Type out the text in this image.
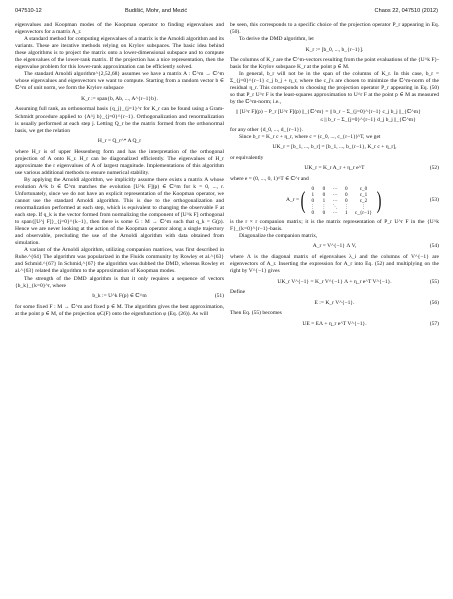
047510-12	Budišić, Mohr, and Mezić	Chaos 22, 047510 (2012)

eigenvalues and Koopman modes of the Koopman operator to finding eigenvalues and eigenvectors for a matrix A_r.

A standard method for computing eigenvalues of a matrix is the Arnoldi algorithm and its variants. These are iterative methods relying on Krylov subspaces. The basic idea behind these algorithms is to project the matrix onto a lower-dimensional subspace and to compute the eigenvalues of the lower-rank matrix. If the projection has a nice representation, then the eigenvalue problem for this lower-rank approximation can be efficiently solved.

The standard Arnoldi algorithm^{2,52,68} assumes we have a matrix A : ℂ^m → ℂ^m whose eigenvalues and eigenvectors we want to compute. Starting from a random vector b ∈ ℂ^m of unit norm, we form the Krylov subspace

K_r := span{b, Ab, ..., A^{r−1}b}.

Assuming full rank, an orthonormal basis {q_j}_{j=1}^r for K_r can be found using a Gram-Schmidt procedure applied to {A^j b}_{j=0}^{r−1}. Orthogonalization and renormalization is usually performed at each step j. Letting Q_r be the matrix formed from the orthonormal basis, we get the relation

H_r = Q_r^* A Q_r

where H_r is of upper Hessenberg form and has the interpretation of the orthogonal projection of A onto K_r. H_r can be diagonalized efficiently. The eigenvalues of H_r approximate the r eigenvalues of A of largest magnitude. Implementations of this algorithm use various additional methods to ensure numerical stability.

By applying the Arnoldi algorithm, we implicitly assume there exists a matrix A whose evolution A^k b ∈ ℂ^m matches the evolution [U^k F](p) ∈ ℂ^m for k = 0, ..., r. Unfortunately, since we do not have an explicit representation of the Koopman operator, we cannot use the standard Arnoldi algorithm. This is due to the orthogonalization and renormalization performed at each step, which is equivalent to changing the observable F at each step. If q_k is the vector formed from normalizing the component of [U^k F] orthogonal to span{[U^j F]}_{j=0}^{k−1}, then there is some G : M → ℂ^m such that q_k = G(p). Hence we are never looking at the action of the Koopman operator along a single trajectory and observable, precluding the use of the Arnoldi algorithm with data obtained from simulation.

A variant of the Arnoldi algorithm, utilizing companion matrices, was first described in Ruhe.^{64} The algorithm was popularized in the Fluids community by Rowley et al.^{63} and Schmid.^{67} In Schmid,^{67} the algorithm was dubbed the DMD, whereas Rowley et al.^{63} related the algorithm to the approximation of Koopman modes.

The strength of the DMD algorithm is that it only requires a sequence of vectors {b_k}_{k=0}^r, where

b_k := U^k F(p) ∈ ℂ^m	(51)

for some fixed F : M → ℂ^m and fixed p ∈ M. The algorithm gives the best approximation, at the point p ∈ M, of the projection φC(F) onto the eigenfunction φ (Eq. (26)). As will

be seen, this corresponds to a specific choice of the projection operator P_r appearing in Eq. (50).

To derive the DMD algorithm, let

K_r := [b_0, ..., b_{r−1}].

The columns of K_r are the ℂ^m-vectors resulting from the point evaluations of the {U^k F}-basis for the Krylov subspace K_r at the point p ∈ M.

In general, b_r will not be in the span of the columns of K_r. In this case, b_r = Σ_{j=0}^{r−1} c_j b_j + η_r, where the c_j's are chosen to minimize the ℂ^m-norm of the residual η_r. This corresponds to choosing the projection operator P_r appearing in Eq. (50) so that P_r U^r F is the least-squares approximation to U^r F at the point p ∈ M as measured by the ℂ^m-norm; i.e.,

|| [U^r F](p) − P_r [U^r F](p) ||_{ℂ^m} = || b_r − Σ_{j=0}^{r−1} c_j b_j ||_{ℂ^m}
≤ || b_r − Σ_{j=0}^{r−1} d_j b_j ||_{ℂ^m}

for any other {d_0, ..., d_{r−1}}.

Since b_r = K_r c + η_r, where c = (c_0, ..., c_{r−1})^T, we get

UK_r = [b_1, ..., b_r] = [b_1, ..., b_{r−1}, K_r c + η_r],

or equivalently

UK_r = K_r A_r + η_r e^T	(52)

where e = (0, ..., 0, 1)^T ∈ ℂ^r and

A_r = ( 0	0	···	0	c_0
1	0	···	0	c_1
0	1	···	0	c_2
⋮	⋮	⋱	⋮	⋮
0	0	···	1	c_{r−1} )	(53)

is the r × r companion matrix; it is the matrix representation of P_r U^r F in the {U^k F}_{k=0}^{r−1}-basis.

Diagonalize the companion matrix,

A_r = V^{−1} Λ V,	(54)

where Λ is the diagonal matrix of eigenvalues λ_i and the columns of V^{−1} are eigenvectors of A_r. Inserting the expression for A_r into Eq. (52) and multiplying on the right by V^{−1} gives

UK_r V^{−1} = K_r V^{−1} Λ + η_r e^T V^{−1}.	(55)

Define

E := K_r V^{−1}.	(56)

Then Eq. (55) becomes

UE = EΛ + η_r e^T V^{−1}.	(57)
